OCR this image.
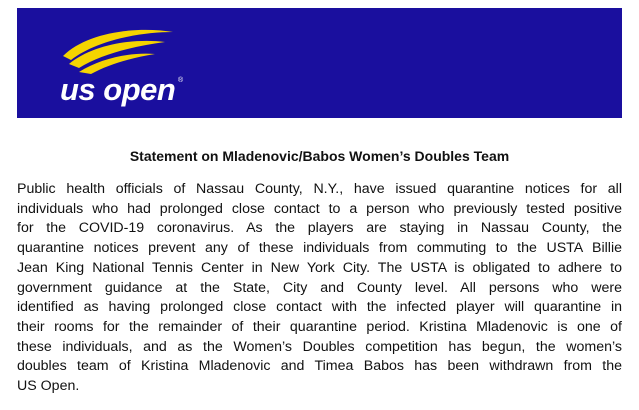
us open ®
Statement on Mladenovic/Babos Women’s Doubles Team
Public health officials of Nassau County, N.Y., have issued quarantine notices for all
individuals who had prolonged close contact to a person who previously tested positive
for the COVID-19 coronavirus. As the players are staying in Nassau County, the
quarantine notices prevent any of these individuals from commuting to the USTA Billie
Jean King National Tennis Center in New York City. The USTA is obligated to adhere to
government guidance at the State, City and County level. All persons who were
identified as having prolonged close contact with the infected player will quarantine in
their rooms for the remainder of their quarantine period. Kristina Mladenovic is one of
these individuals, and as the Women’s Doubles competition has begun, the women’s
doubles team of Kristina Mladenovic and Timea Babos has been withdrawn from the
US Open.
